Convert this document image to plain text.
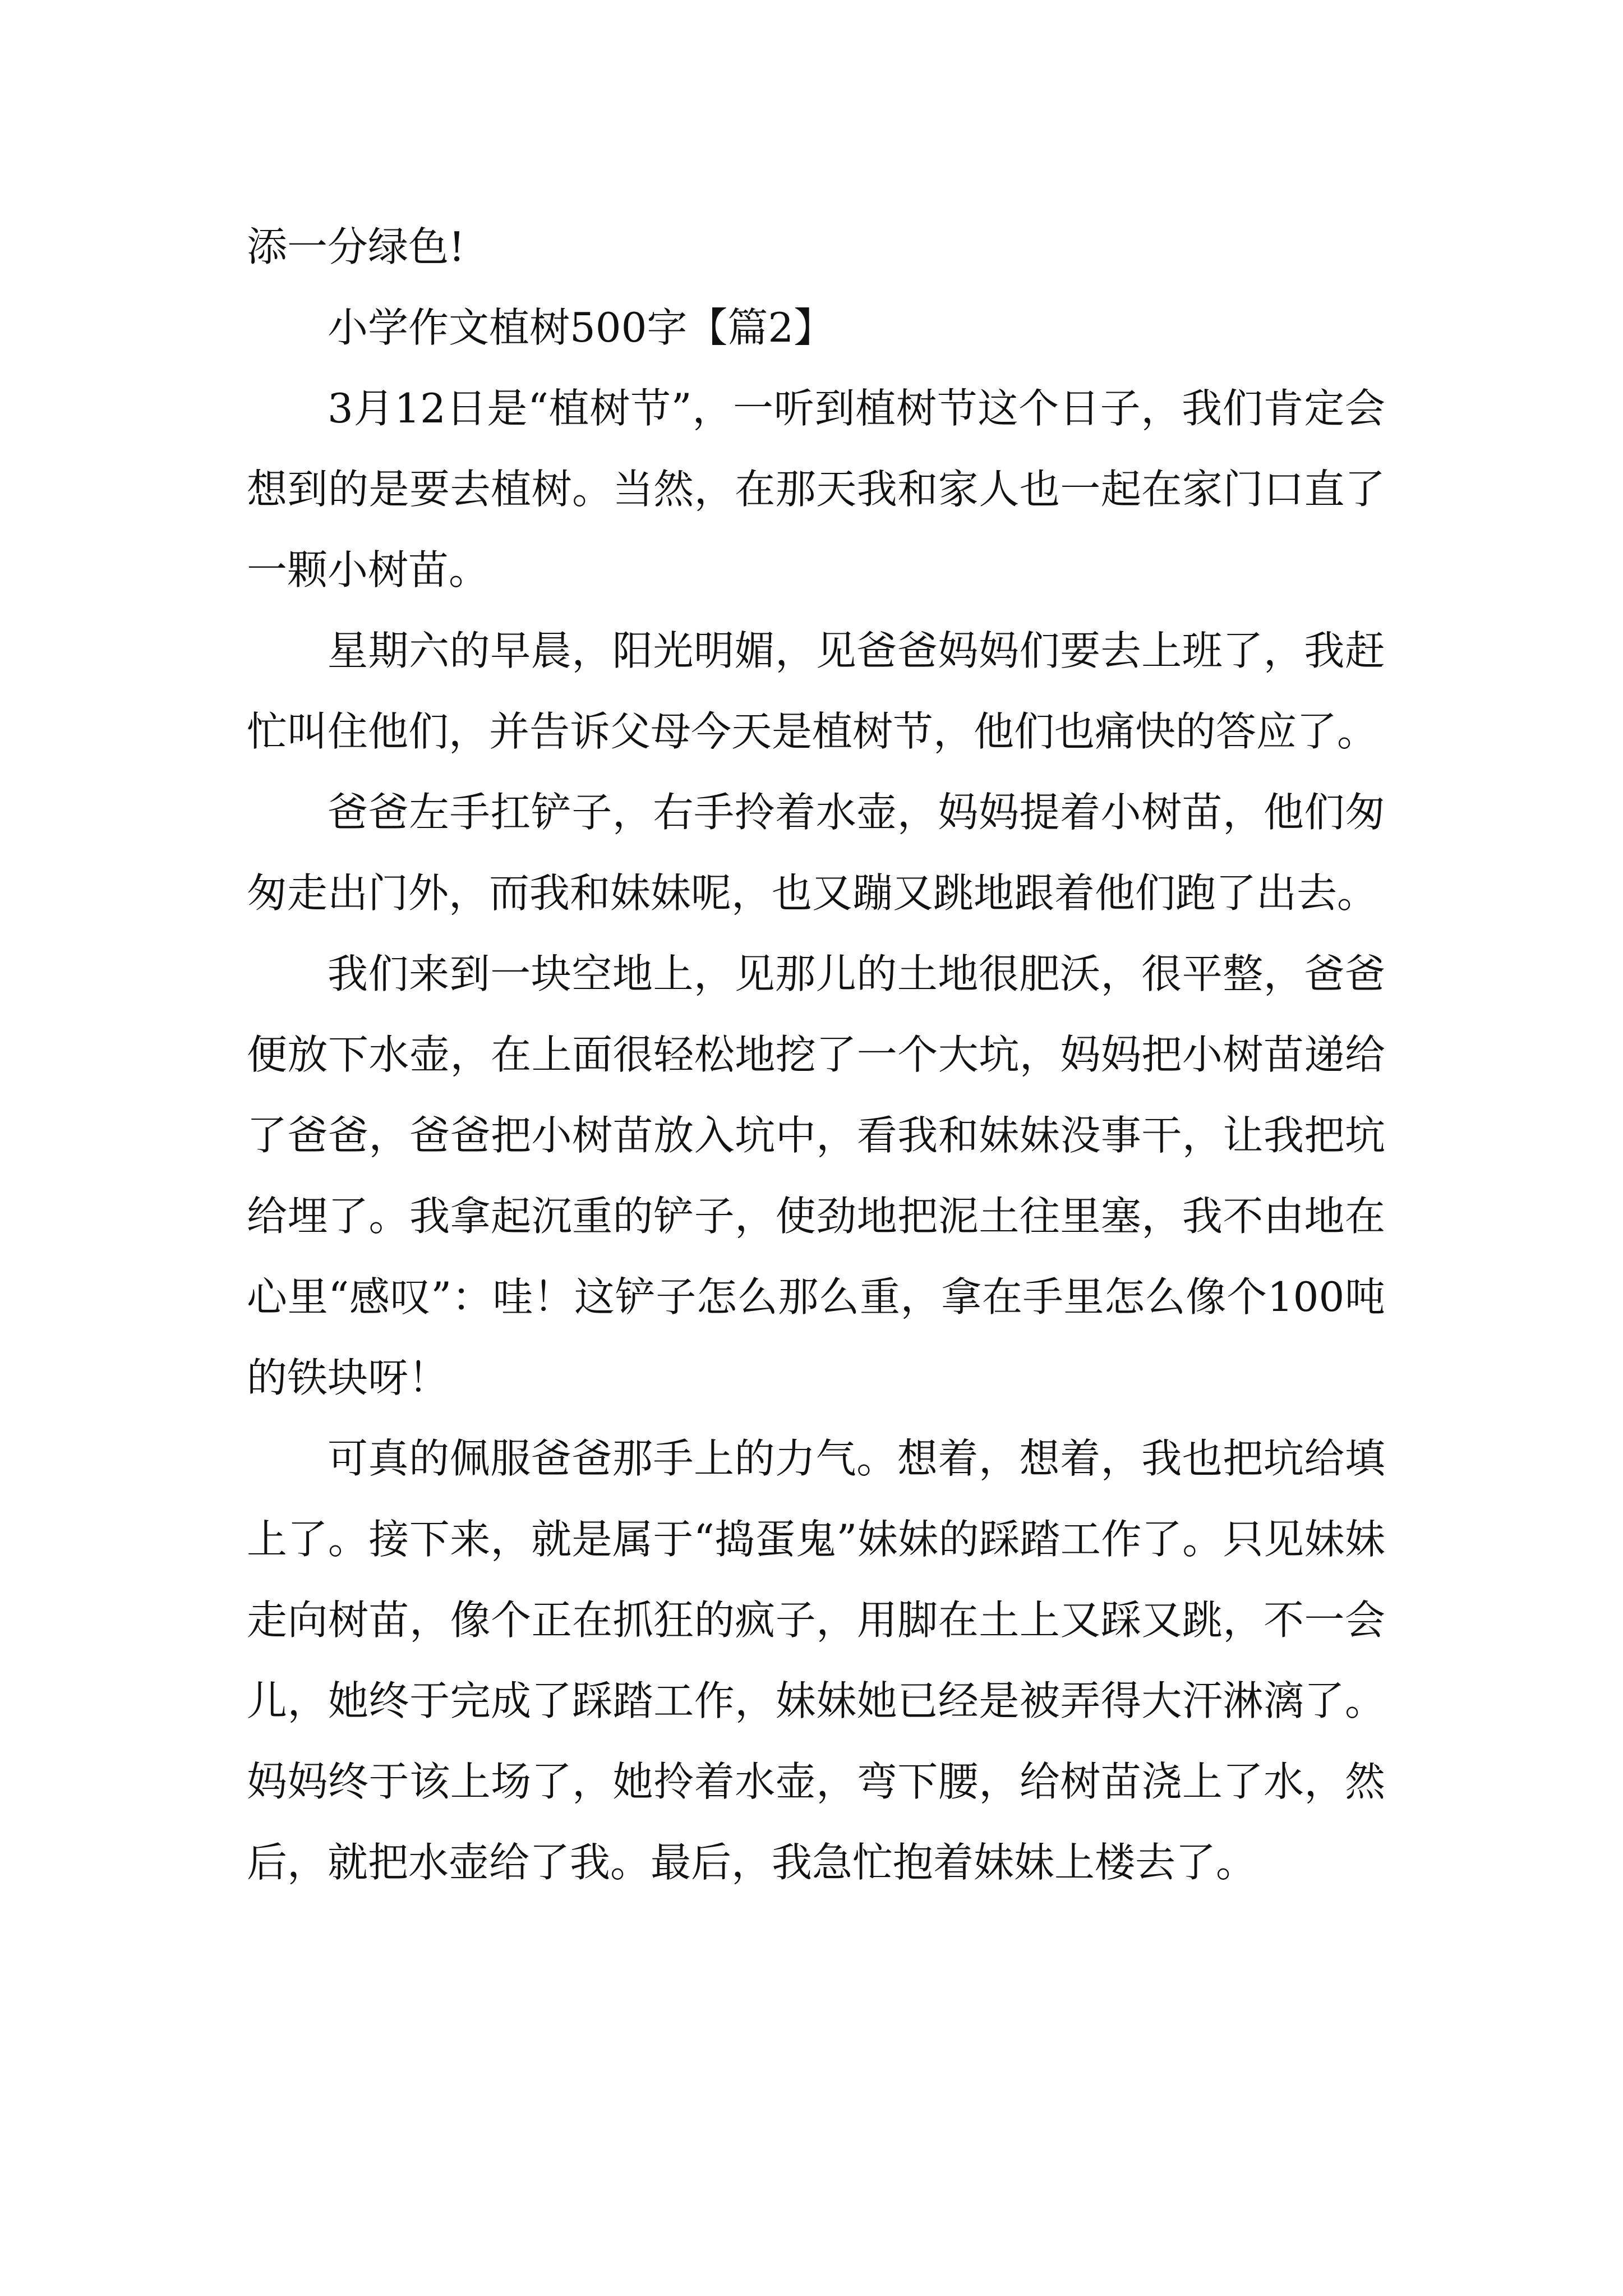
添一分绿色!

小学作文植树500字【篇2】

3月12日是“植树节”，一听到植树节这个日子，我们肯定会想到的是要去植树。当然，在那天我和家人也一起在家门口直了一颗小树苗。

星期六的早晨，阳光明媚，见爸爸妈妈们要去上班了，我赶忙叫住他们，并告诉父母今天是植树节，他们也痛快的答应了。

爸爸左手扛铲子，右手拎着水壶，妈妈提着小树苗，他们匆匆走出门外，而我和妹妹呢，也又蹦又跳地跟着他们跑了出去。

我们来到一块空地上，见那儿的土地很肥沃，很平整，爸爸便放下水壶，在上面很轻松地挖了一个大坑，妈妈把小树苗递给了爸爸，爸爸把小树苗放入坑中，看我和妹妹没事干，让我把坑给埋了。我拿起沉重的铲子，使劲地把泥土往里塞，我不由地在心里“感叹”：哇！这铲子怎么那么重，拿在手里怎么像个100吨的铁块呀！

可真的佩服爸爸那手上的力气。想着，想着，我也把坑给填上了。接下来，就是属于“捣蛋鬼”妹妹的踩踏工作了。只见妹妹走向树苗，像个正在抓狂的疯子，用脚在土上又踩又跳，不一会儿，她终于完成了踩踏工作，妹妹她已经是被弄得大汗淋漓了。妈妈终于该上场了，她拎着水壶，弯下腰，给树苗浇上了水，然后，就把水壶给了我。最后，我急忙抱着妹妹上楼去了。
